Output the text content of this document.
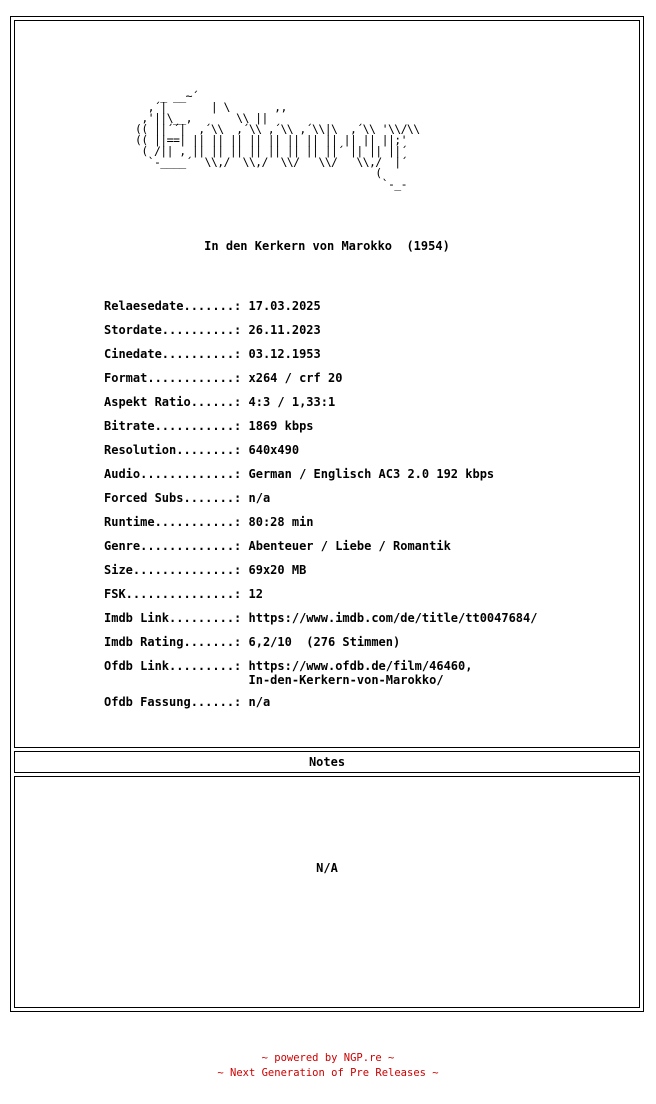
_ __~´
,´|       | \       ,,
,'||\__,       \\ ||
(( ||´´|  ,´\\  ,´\\ ,´\\ ,´\\|\  ,´\\ '\\/\\
(( ||==| || || || || || || || || || || ||;'
( /|| , || || || || || || || ||´ || || ||´
`-____´  \\,/  \\,/  \\/   \\/   \\,/  |´
(
`-_-
In den Kerkern von Marokko  (1954)
Relaesedate.......: 17.03.2025
Stordate..........: 26.11.2023
Cinedate..........: 03.12.1953
Format............: x264 / crf 20
Aspekt Ratio......: 4:3 / 1,33:1
Bitrate...........: 1869 kbps
Resolution........: 640x490
Audio.............: German / Englisch AC3 2.0 192 kbps
Forced Subs.......: n/a
Runtime...........: 80:28 min
Genre.............: Abenteuer / Liebe / Romantik
Size..............: 69x20 MB
FSK...............: 12
Imdb Link.........: https://www.imdb.com/de/title/tt0047684/
Imdb Rating.......: 6,2/10  (276 Stimmen)
Ofdb Link.........: https://www.ofdb.de/film/46460,
In-den-Kerkern-von-Marokko/
Ofdb Fassung......: n/a
Notes
N/A
~ powered by NGP.re ~
~ Next Generation of Pre Releases ~
